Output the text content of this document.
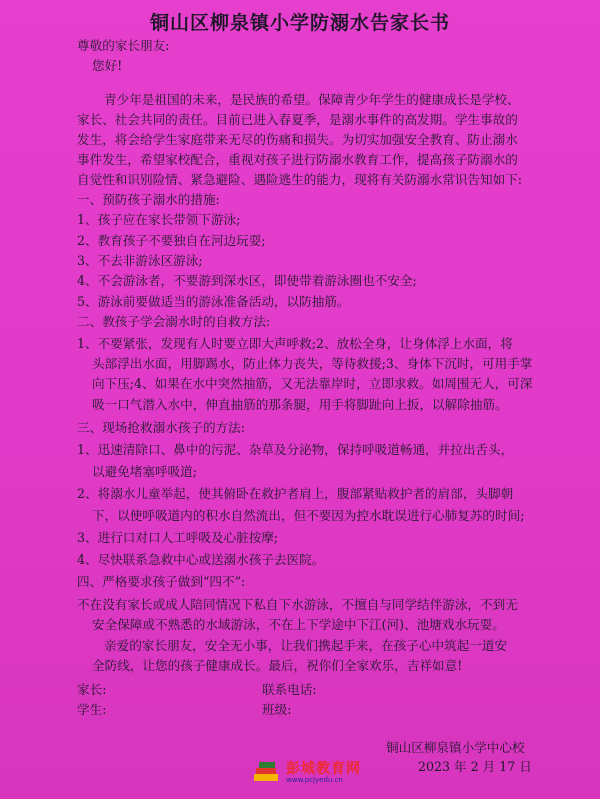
铜山区柳泉镇小学防溺水告家长书
尊敬的家长朋友:
您好!
青少年是祖国的未来，是民族的希望。保障青少年学生的健康成长是学校、
家长、社会共同的责任。目前已进入春夏季，是溺水事件的高发期。学生事故的
发生，将会给学生家庭带来无尽的伤痛和损失。为切实加强安全教育、防止溺水
事件发生，希望家校配合，重视对孩子进行防溺水教育工作，提高孩子防溺水的
自觉性和识别险情、紧急避险、遇险逃生的能力，现将有关防溺水常识告知如下:
一、预防孩子溺水的措施:
1、孩子应在家长带领下游泳;
2、教育孩子不要独自在河边玩耍;
3、不去非游泳区游泳;
4、不会游泳者，不要游到深水区，即使带着游泳圈也不安全;
5、游泳前要做适当的游泳准备活动，以防抽筋。
二、教孩子学会溺水时的自救方法:
1、不要紧张，发现有人时要立即大声呼救;2、放松全身，让身体浮上水面，将
头部浮出水面，用脚踢水，防止体力丧失，等待救援;3、身体下沉时，可用手掌
向下压;4、如果在水中突然抽筋，又无法靠岸时，立即求救。如周围无人，可深
吸一口气潜入水中，伸直抽筋的那条腿，用手将脚趾向上扳，以解除抽筋。
三、现场抢救溺水孩子的方法:
1、迅速清除口、鼻中的污泥、杂草及分泌物，保持呼吸道畅通，并拉出舌头，
以避免堵塞呼吸道;
2、将溺水儿童举起，使其俯卧在救护者肩上，腹部紧贴救护者的肩部，头脚朝
下，以使呼吸道内的积水自然流出，但不要因为控水耽误进行心肺复苏的时间;
3、进行口对口人工呼吸及心脏按摩;
4、尽快联系急救中心或送溺水孩子去医院。
四、严格要求孩子做到“四不”:
不在没有家长或成人陪同情况下私自下水游泳，不擅自与同学结伴游泳，不到无
安全保障或不熟悉的水域游泳，不在上下学途中下江(河)、池塘戏水玩耍。
亲爱的家长朋友，安全无小事，让我们携起手来，在孩子心中筑起一道安
全防线，让您的孩子健康成长。最后，祝你们全家欢乐，吉祥如意!
家长:	联系电话:
学生:	班级:
铜山区柳泉镇小学中心校
2023 年 2 月 17 日
彭城教育网
www.pcjyedu.cn
